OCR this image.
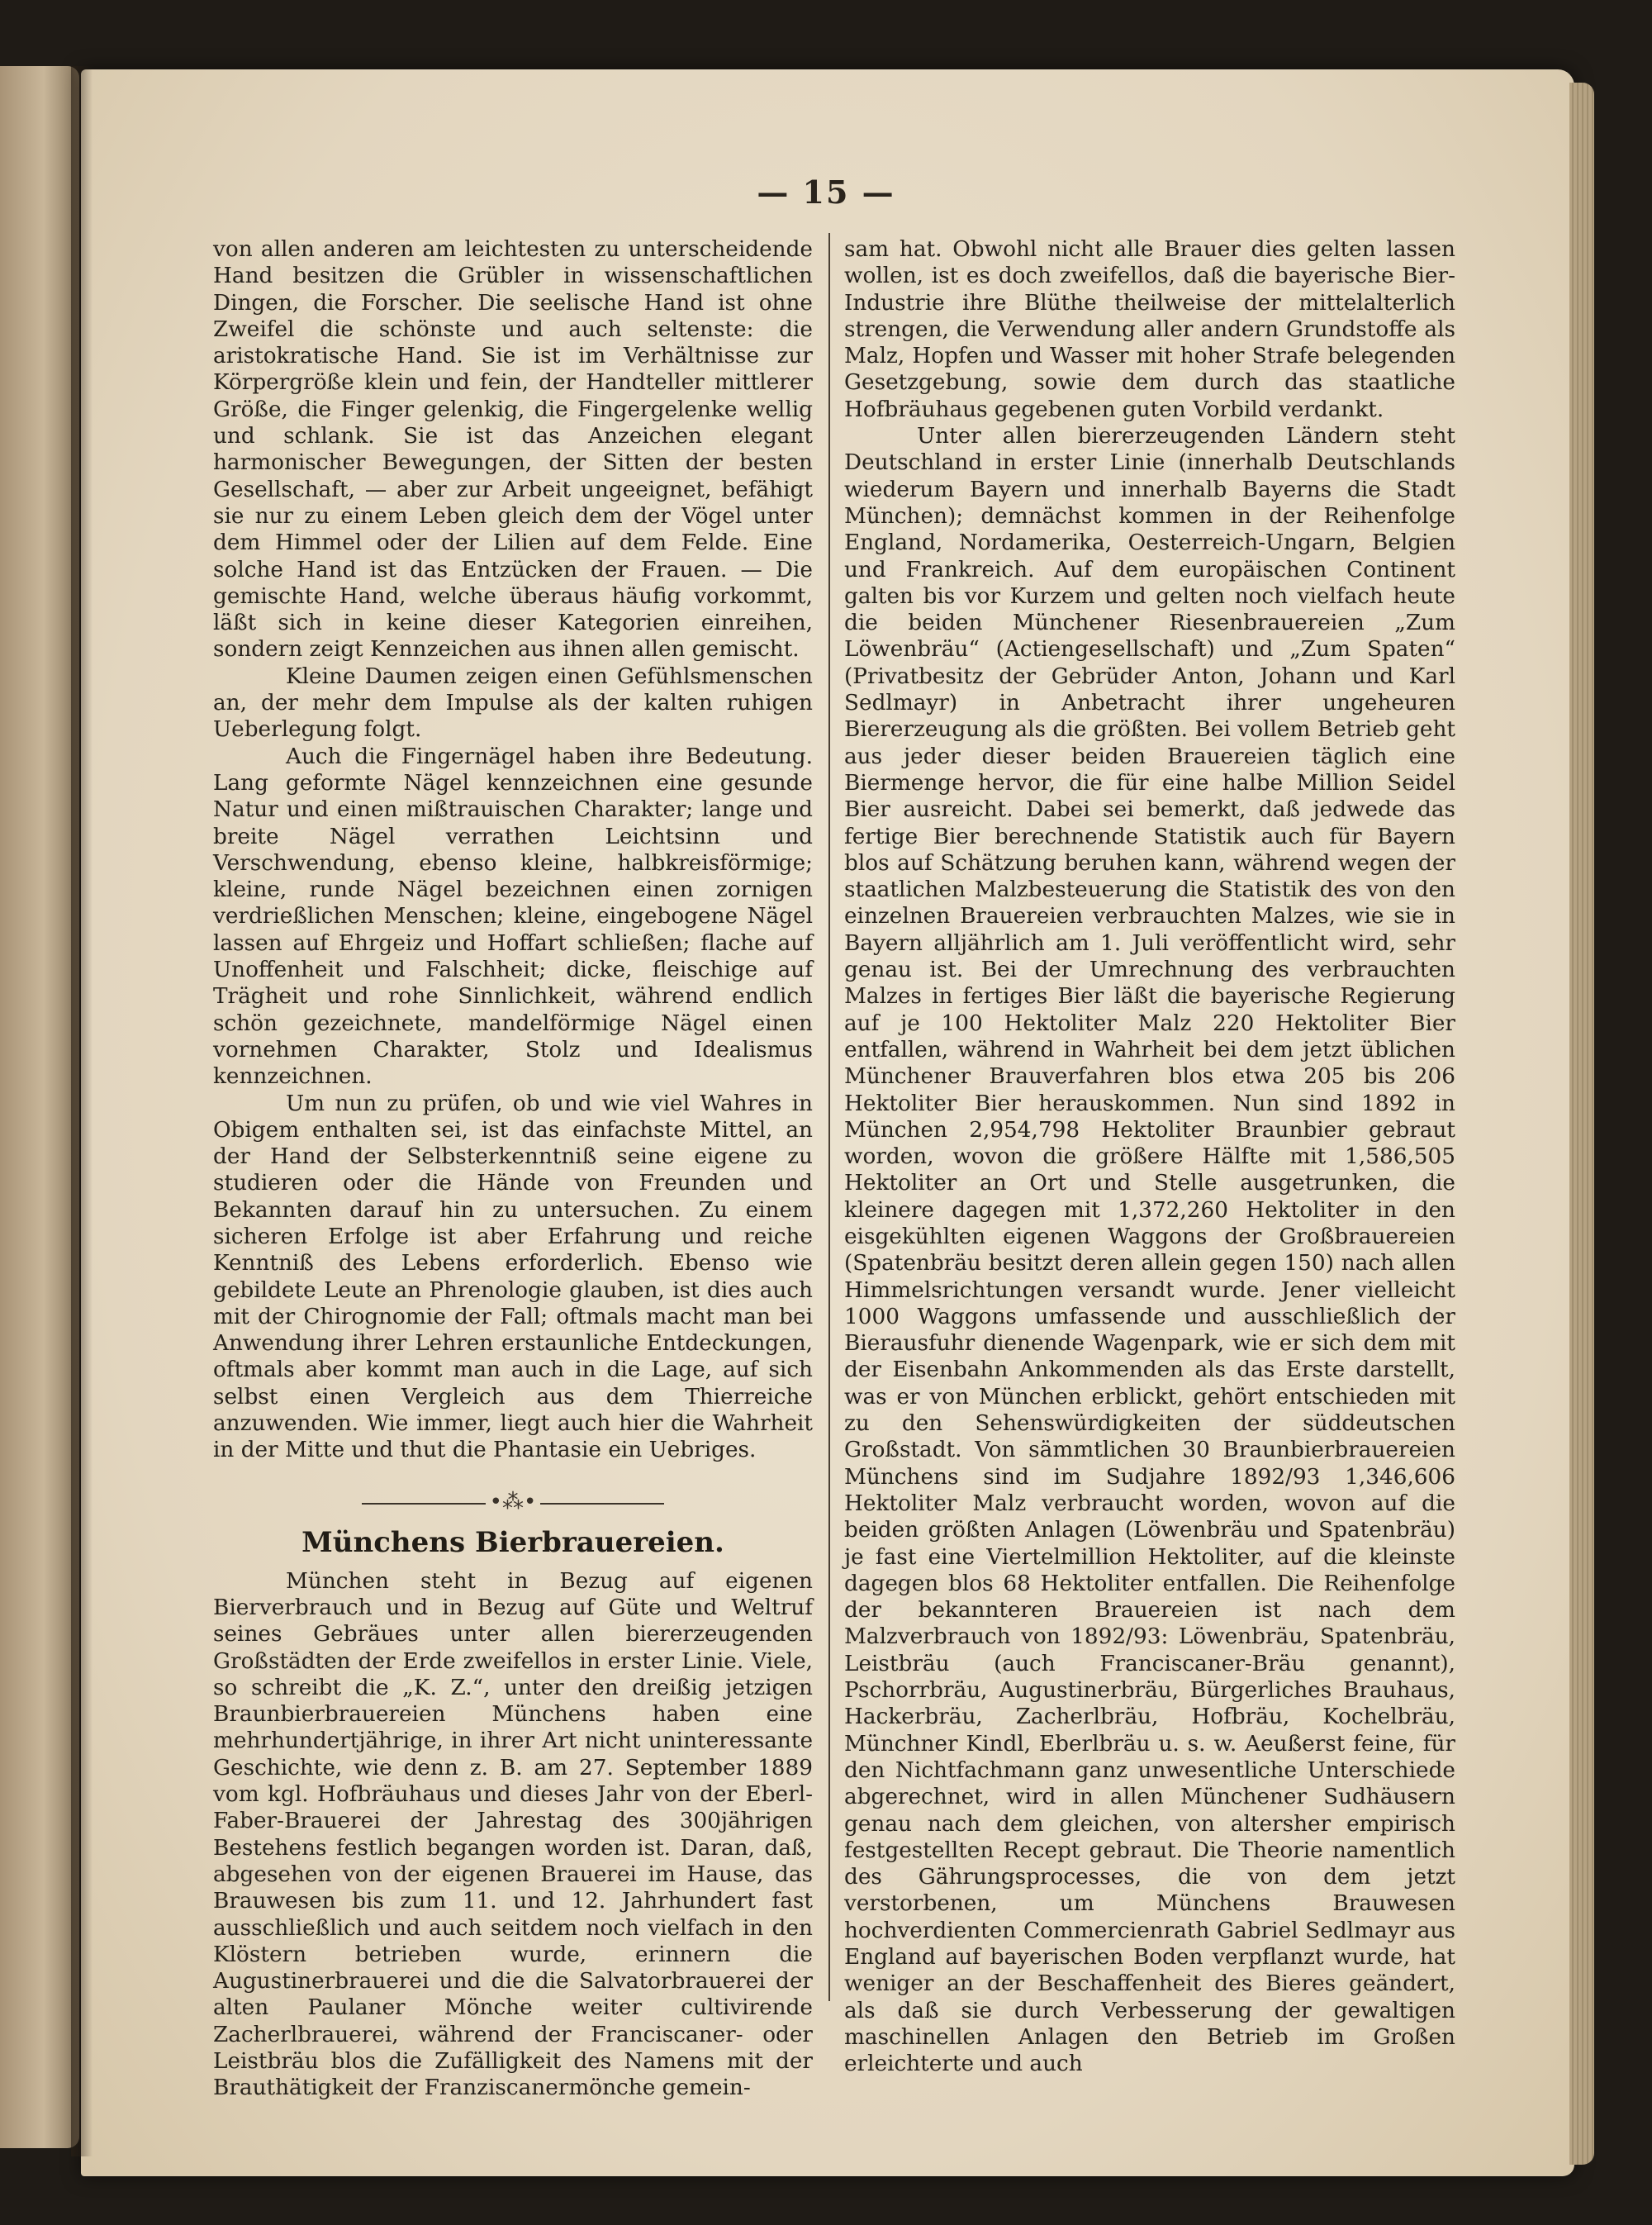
— 15 —

von allen anderen am leichtesten zu unterscheidende Hand besitzen die Grübler in wissenschaftlichen Dingen, die Forscher. Die seelische Hand ist ohne Zweifel die schönste und auch seltenste: die aristokratische Hand. Sie ist im Verhältnisse zur Körpergröße klein und fein, der Handteller mittlerer Größe, die Finger gelenkig, die Fingergelenke wellig und schlank. Sie ist das Anzeichen elegant harmonischer Bewegungen, der Sitten der besten Gesellschaft, — aber zur Arbeit ungeeignet, befähigt sie nur zu einem Leben gleich dem der Vögel unter dem Himmel oder der Lilien auf dem Felde. Eine solche Hand ist das Entzücken der Frauen. — Die gemischte Hand, welche überaus häufig vorkommt, läßt sich in keine dieser Kategorien einreihen, sondern zeigt Kennzeichen aus ihnen allen gemischt.

Kleine Daumen zeigen einen Gefühlsmenschen an, der mehr dem Impulse als der kalten ruhigen Ueberlegung folgt.

Auch die Fingernägel haben ihre Bedeutung. Lang geformte Nägel kennzeichnen eine gesunde Natur und einen mißtrauischen Charakter; lange und breite Nägel verrathen Leichtsinn und Verschwendung, ebenso kleine, halbkreisförmige; kleine, runde Nägel bezeichnen einen zornigen verdrießlichen Menschen; kleine, eingebogene Nägel lassen auf Ehrgeiz und Hoffart schließen; flache auf Unoffenheit und Falschheit; dicke, fleischige auf Trägheit und rohe Sinnlichkeit, während endlich schön gezeichnete, mandelförmige Nägel einen vornehmen Charakter, Stolz und Idealismus kennzeichnen.

Um nun zu prüfen, ob und wie viel Wahres in Obigem enthalten sei, ist das einfachste Mittel, an der Hand der Selbsterkenntniß seine eigene zu studieren oder die Hände von Freunden und Bekannten darauf hin zu untersuchen. Zu einem sicheren Erfolge ist aber Erfahrung und reiche Kenntniß des Lebens erforderlich. Ebenso wie gebildete Leute an Phrenologie glauben, ist dies auch mit der Chirognomie der Fall; oftmals macht man bei Anwendung ihrer Lehren erstaunliche Entdeckungen, oftmals aber kommt man auch in die Lage, auf sich selbst einen Vergleich aus dem Thierreiche anzuwenden. Wie immer, liegt auch hier die Wahrheit in der Mitte und thut die Phantasie ein Uebriges.

•⁂•
Münchens Bierbrauereien.

München steht in Bezug auf eigenen Bierverbrauch und in Bezug auf Güte und Weltruf seines Gebräues unter allen biererzeugenden Großstädten der Erde zweifellos in erster Linie. Viele, so schreibt die „K. Z.“, unter den dreißig jetzigen Braunbierbrauereien Münchens haben eine mehrhundertjährige, in ihrer Art nicht uninteressante Geschichte, wie denn z. B. am 27. September 1889 vom kgl. Hofbräuhaus und dieses Jahr von der Eberl-Faber-Brauerei der Jahrestag des 300jährigen Bestehens festlich begangen worden ist. Daran, daß, abgesehen von der eigenen Brauerei im Hause, das Brauwesen bis zum 11. und 12. Jahrhundert fast ausschließlich und auch seitdem noch vielfach in den Klöstern betrieben wurde, erinnern die Augustinerbrauerei und die die Salvatorbrauerei der alten Paulaner Mönche weiter cultivirende Zacherlbrauerei, während der Franciscaner- oder Leistbräu blos die Zufälligkeit des Namens mit der Brauthätigkeit der Franziscanermönche gemein-

sam hat. Obwohl nicht alle Brauer dies gelten lassen wollen, ist es doch zweifellos, daß die bayerische Bier-Industrie ihre Blüthe theilweise der mittelalterlich strengen, die Verwendung aller andern Grundstoffe als Malz, Hopfen und Wasser mit hoher Strafe belegenden Gesetzgebung, sowie dem durch das staatliche Hofbräuhaus gegebenen guten Vorbild verdankt.

Unter allen biererzeugenden Ländern steht Deutschland in erster Linie (innerhalb Deutschlands wiederum Bayern und innerhalb Bayerns die Stadt München); demnächst kommen in der Reihenfolge England, Nordamerika, Oesterreich-Ungarn, Belgien und Frankreich. Auf dem europäischen Continent galten bis vor Kurzem und gelten noch vielfach heute die beiden Münchener Riesenbrauereien „Zum Löwenbräu“ (Actiengesellschaft) und „Zum Spaten“ (Privatbesitz der Gebrüder Anton, Johann und Karl Sedlmayr) in Anbetracht ihrer ungeheuren Biererzeugung als die größten. Bei vollem Betrieb geht aus jeder dieser beiden Brauereien täglich eine Biermenge hervor, die für eine halbe Million Seidel Bier ausreicht. Dabei sei bemerkt, daß jedwede das fertige Bier berechnende Statistik auch für Bayern blos auf Schätzung beruhen kann, während wegen der staatlichen Malzbesteuerung die Statistik des von den einzelnen Brauereien verbrauchten Malzes, wie sie in Bayern alljährlich am 1. Juli veröffentlicht wird, sehr genau ist. Bei der Umrechnung des verbrauchten Malzes in fertiges Bier läßt die bayerische Regierung auf je 100 Hektoliter Malz 220 Hektoliter Bier entfallen, während in Wahrheit bei dem jetzt üblichen Münchener Brauverfahren blos etwa 205 bis 206 Hektoliter Bier herauskommen. Nun sind 1892 in München 2,954,798 Hektoliter Braunbier gebraut worden, wovon die größere Hälfte mit 1,586,505 Hektoliter an Ort und Stelle ausgetrunken, die kleinere dagegen mit 1,372,260 Hektoliter in den eisgekühlten eigenen Waggons der Großbrauereien (Spatenbräu besitzt deren allein gegen 150) nach allen Himmelsrichtungen versandt wurde. Jener vielleicht 1000 Waggons umfassende und ausschließlich der Bierausfuhr dienende Wagenpark, wie er sich dem mit der Eisenbahn Ankommenden als das Erste darstellt, was er von München erblickt, gehört entschieden mit zu den Sehenswürdigkeiten der süddeutschen Großstadt. Von sämmtlichen 30 Braunbierbrauereien Münchens sind im Sudjahre 1892/93 1,346,606 Hektoliter Malz verbraucht worden, wovon auf die beiden größten Anlagen (Löwenbräu und Spatenbräu) je fast eine Viertelmillion Hektoliter, auf die kleinste dagegen blos 68 Hektoliter entfallen. Die Reihenfolge der bekannteren Brauereien ist nach dem Malzverbrauch von 1892/93: Löwenbräu, Spatenbräu, Leistbräu (auch Franciscaner-Bräu genannt), Pschorrbräu, Augustinerbräu, Bürgerliches Brauhaus, Hackerbräu, Zacherlbräu, Hofbräu, Kochelbräu, Münchner Kindl, Eberlbräu u. s. w. Aeußerst feine, für den Nichtfachmann ganz unwesentliche Unterschiede abgerechnet, wird in allen Münchener Sudhäusern genau nach dem gleichen, von altersher empirisch festgestellten Recept gebraut. Die Theorie namentlich des Gährungsprocesses, die von dem jetzt verstorbenen, um Münchens Brauwesen hochverdienten Commercienrath Gabriel Sedlmayr aus England auf bayerischen Boden verpflanzt wurde, hat weniger an der Beschaffenheit des Bieres geändert, als daß sie durch Verbesserung der gewaltigen maschinellen Anlagen den Betrieb im Großen erleichterte und auch
